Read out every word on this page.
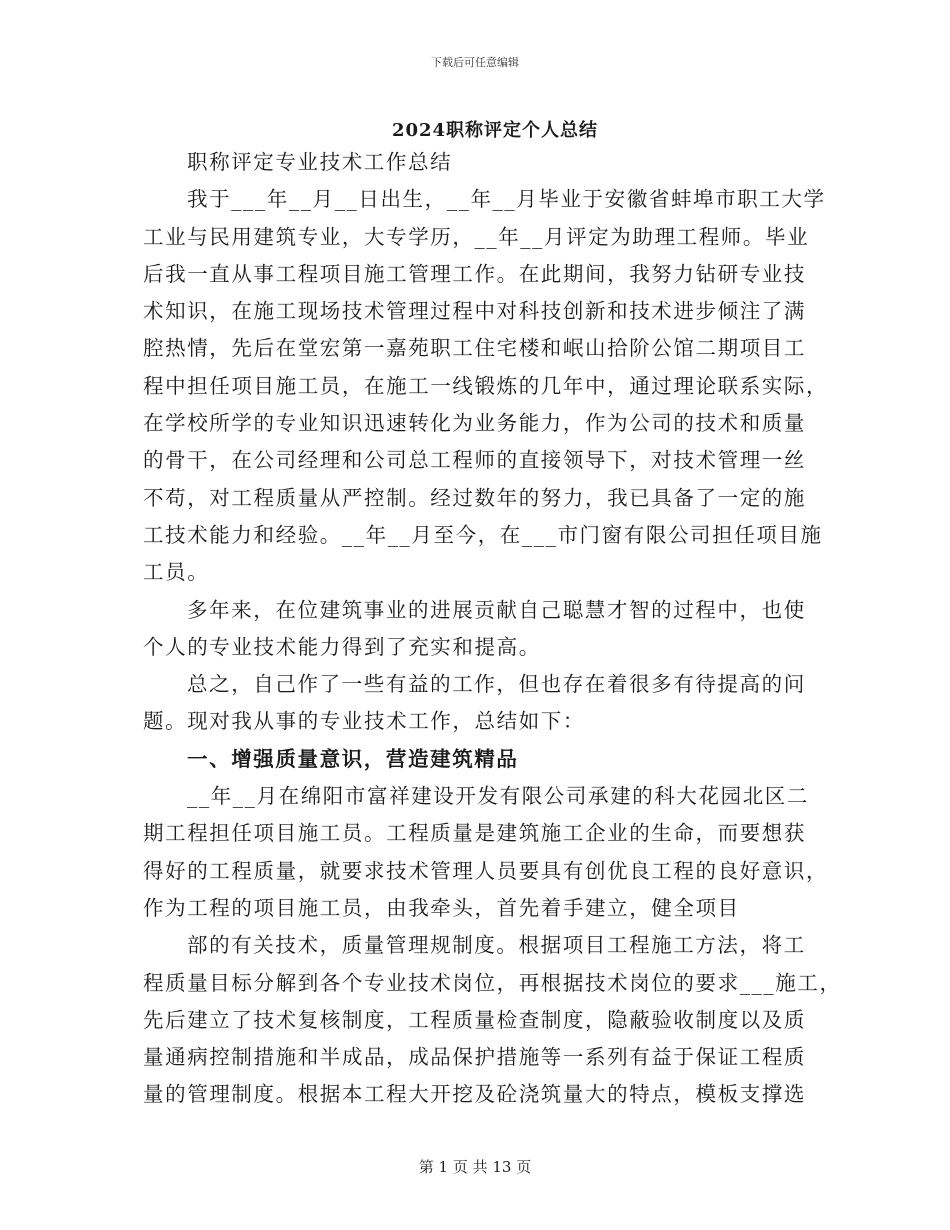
下载后可任意编辑
2024职称评定个人总结
职称评定专业技术工作总结
我于___年__月__日出生，__年__月毕业于安徽省蚌埠市职工大学
工业与民用建筑专业，大专学历，__年__月评定为助理工程师。毕业
后我一直从事工程项目施工管理工作。在此期间，我努力钻研专业技
术知识，在施工现场技术管理过程中对科技创新和技术进步倾注了满
腔热情，先后在堂宏第一嘉苑职工住宅楼和岷山拾阶公馆二期项目工
程中担任项目施工员，在施工一线锻炼的几年中，通过理论联系实际，
在学校所学的专业知识迅速转化为业务能力，作为公司的技术和质量
的骨干，在公司经理和公司总工程师的直接领导下，对技术管理一丝
不苟，对工程质量从严控制。经过数年的努力，我已具备了一定的施
工技术能力和经验。__年__月至今，在___市门窗有限公司担任项目施
工员。
多年来，在位建筑事业的进展贡献自己聪慧才智的过程中，也使
个人的专业技术能力得到了充实和提高。
总之，自己作了一些有益的工作，但也存在着很多有待提高的问
题。现对我从事的专业技术工作，总结如下：
一、增强质量意识，营造建筑精品
__年__月在绵阳市富祥建设开发有限公司承建的科大花园北区二
期工程担任项目施工员。工程质量是建筑施工企业的生命，而要想获
得好的工程质量，就要求技术管理人员要具有创优良工程的良好意识，
作为工程的项目施工员，由我牵头，首先着手建立，健全项目
部的有关技术，质量管理规制度。根据项目工程施工方法，将工
程质量目标分解到各个专业技术岗位，再根据技术岗位的要求___施工，
先后建立了技术复核制度，工程质量检查制度，隐蔽验收制度以及质
量通病控制措施和半成品，成品保护措施等一系列有益于保证工程质
量的管理制度。根据本工程大开挖及砼浇筑量大的特点，模板支撑选
第 1 页 共 13 页
